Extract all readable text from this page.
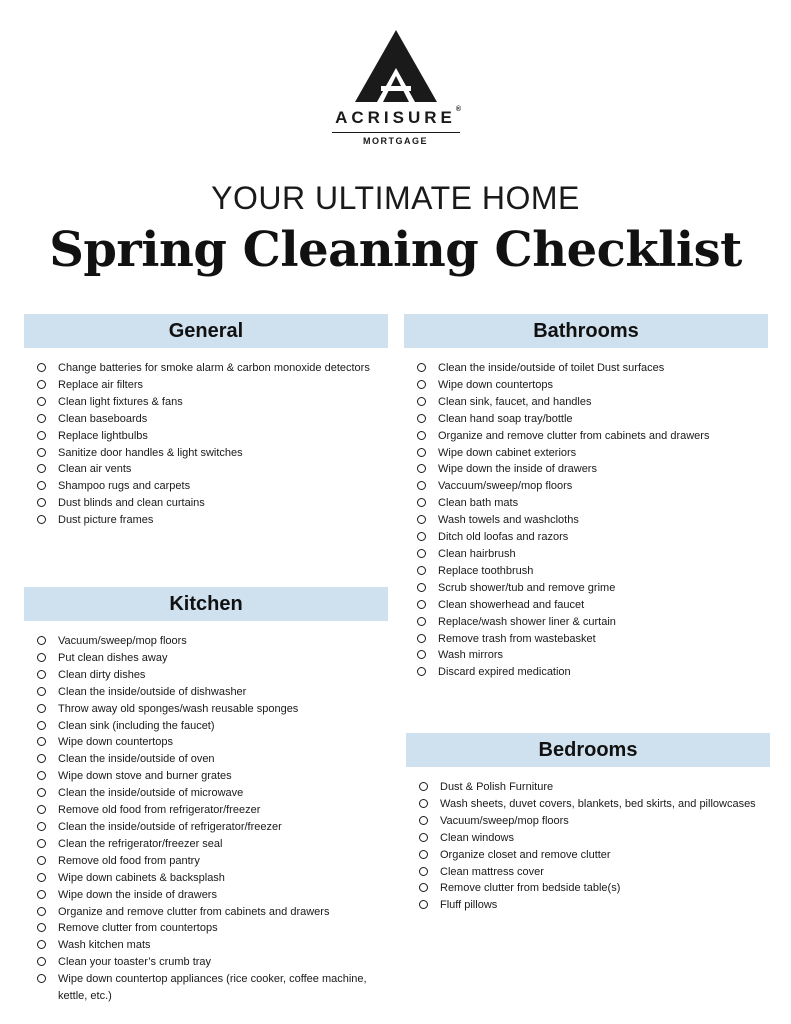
ACRISURE ®
MORTGAGE
YOUR ULTIMATE HOME
Spring Cleaning Checklist
General
Change batteries for smoke alarm & carbon monoxide detectors
Replace air filters
Clean light fixtures & fans
Clean baseboards
Replace lightbulbs
Sanitize door handles & light switches
Clean air vents
Shampoo rugs and carpets
Dust blinds and clean curtains
Dust picture frames
Kitchen
Vacuum/sweep/mop floors
Put clean dishes away
Clean dirty dishes
Clean the inside/outside of dishwasher
Throw away old sponges/wash reusable sponges
Clean sink (including the faucet)
Wipe down countertops
Clean the inside/outside of oven
Wipe down stove and burner grates
Clean the inside/outside of microwave
Remove old food from refrigerator/freezer
Clean the inside/outside of refrigerator/freezer
Clean the refrigerator/freezer seal
Remove old food from pantry
Wipe down cabinets & backsplash
Wipe down the inside of drawers
Organize and remove clutter from cabinets and drawers
Remove clutter from countertops
Wash kitchen mats
Clean your toaster’s crumb tray
Wipe down countertop appliances (rice cooker, coffee machine, kettle, etc.)
Bathrooms
Clean the inside/outside of toilet Dust surfaces
Wipe down countertops
Clean sink, faucet, and handles
Clean hand soap tray/bottle
Organize and remove clutter from cabinets and drawers
Wipe down cabinet exteriors
Wipe down the inside of drawers
Vaccuum/sweep/mop floors
Clean bath mats
Wash towels and washcloths
Ditch old loofas and razors
Clean hairbrush
Replace toothbrush
Scrub shower/tub and remove grime
Clean showerhead and faucet
Replace/wash shower liner & curtain
Remove trash from wastebasket
Wash mirrors
Discard expired medication
Bedrooms
Dust & Polish Furniture
Wash sheets, duvet covers, blankets, bed skirts, and pillowcases
Vacuum/sweep/mop floors
Clean windows
Organize closet and remove clutter
Clean mattress cover
Remove clutter from bedside table(s)
Fluff pillows
